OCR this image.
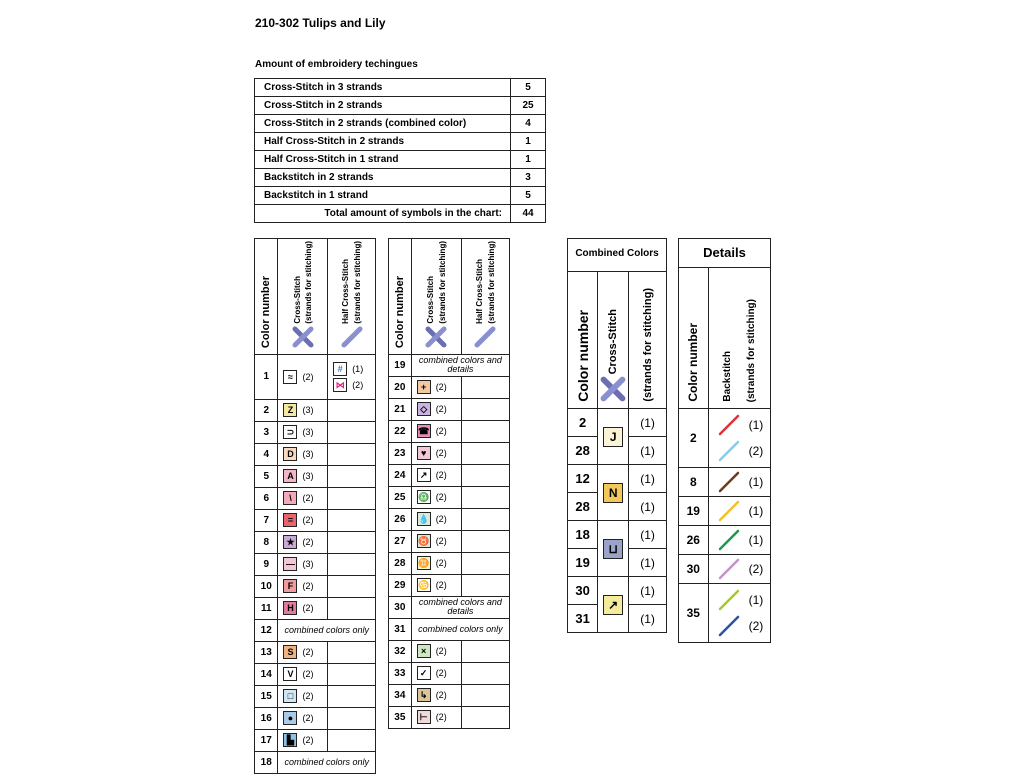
210-302 Tulips and Lily
Amount of embroidery techingues
Cross-Stitch in 3 strands	5
Cross-Stitch in 2 strands	25
Cross-Stitch in 2 strands (combined color)	4
Half Cross-Stitch in 2 strands	1
Half Cross-Stitch in 1 strand	1
Backstitch in 2 strands	3
Backstitch in 1 strand	5
Total amount of symbols in the chart:	44
Color number	Cross-Stitch (strands for stitching)	Half Cross-Stitch (strands for stitching)

1	≈ (2)	# (1)
⋈ (2)

2	Z (3)	
3	⊃ (3)	
4	D (3)	
5	A (3)	
6	\ (2)	
7	= (2)	
8	★ (2)	
9	— (3)	
10	F (2)	
11	H (2)	
12	combined colors only	
13	S (2)	
14	V (2)	
15	□ (2)	
16	● (2)	
17	▙ (2)	
18	combined colors only	
Color number	Cross-Stitch (strands for stitching)	Half Cross-Stitch (strands for stitching)

19	combined colors and details	
20	+ (2)	
21	◇ (2)	
22	☎ (2)	
23	♥ (2)	
24	↗ (2)	
25	♎ (2)	
26	💧 (2)	
27	♉ (2)	
28	♊ (2)	
29	♋ (2)	
30	combined colors and details	
31	combined colors only	
32	× (2)	
33	✓ (2)	
34	↳ (2)	
35	⊢ (2)	
Combined Colors		
Color number	Cross-Stitch	(strands for stitching)
2	J	(1)
28		(1)
12	N	(1)
28		(1)
18	⊔	(1)
19		(1)
30	↗	(1)
31		(1)
Details	
Color number	Backstitch (strands for stitching)
2	(1)
(2)

8	(1)

19	(1)

26	(1)

30	(2)

35	(1)
(2)
